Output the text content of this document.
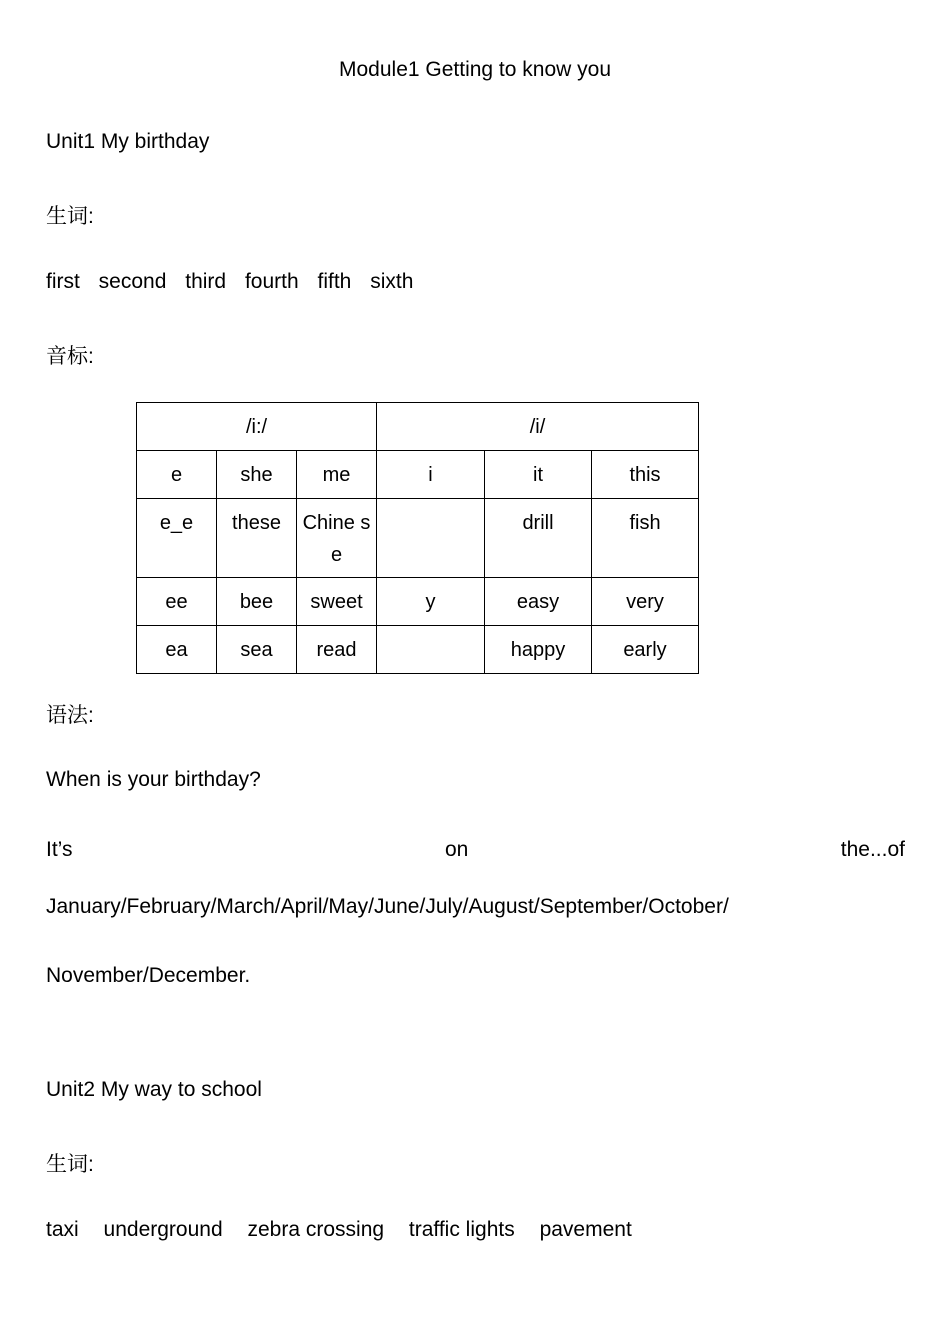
Module1 Getting to know you
Unit1 My birthday
生词:
first second third fourth fifth sixth
音标:
/i:/			/i/		
e	she	me	i	it	this
e_e	these	Chine se		drill	fish
ee	bee	sweet	y	easy	very
ea	sea	read		happy	early
语法:
When is your birthday?
It’s	on	the...of
January/February/March/April/May/June/July/August/September/October/
November/December.
Unit2 My way to school
生词:
taxi underground zebra crossing traffic lights pavement
